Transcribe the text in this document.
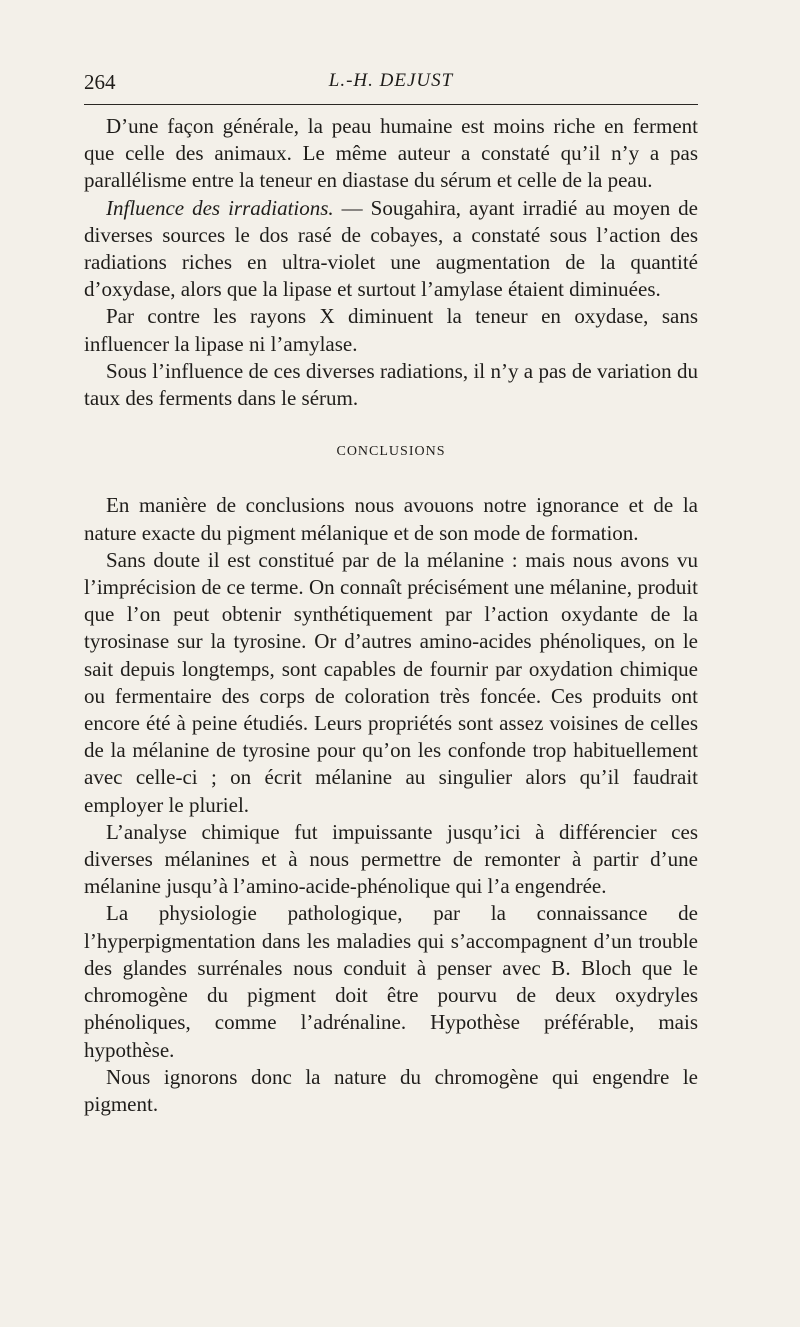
264	L.-H. DEJUST

D’une façon générale, la peau humaine est moins riche en ferment que celle des animaux. Le même auteur a constaté qu’il n’y a pas parallélisme entre la teneur en diastase du sérum et celle de la peau.

Influence des irradiations. — Sougahira, ayant irradié au moyen de diverses sources le dos rasé de cobayes, a constaté sous l’action des radiations riches en ultra-violet une augmentation de la quantité d’oxydase, alors que la lipase et surtout l’amylase étaient diminuées.

Par contre les rayons X diminuent la teneur en oxydase, sans influencer la lipase ni l’amylase.

Sous l’influence de ces diverses radiations, il n’y a pas de variation du taux des ferments dans le sérum.

CONCLUSIONS

En manière de conclusions nous avouons notre ignorance et de la nature exacte du pigment mélanique et de son mode de formation.

Sans doute il est constitué par de la mélanine : mais nous avons vu l’imprécision de ce terme. On connaît précisément une mélanine, produit que l’on peut obtenir synthétiquement par l’action oxydante de la tyrosinase sur la tyrosine. Or d’autres amino-acides phénoliques, on le sait depuis longtemps, sont capables de fournir par oxydation chimique ou fermentaire des corps de coloration très foncée. Ces produits ont encore été à peine étudiés. Leurs propriétés sont assez voisines de celles de la mélanine de tyrosine pour qu’on les confonde trop habituellement avec celle-ci ; on écrit mélanine au singulier alors qu’il faudrait employer le pluriel.

L’analyse chimique fut impuissante jusqu’ici à différencier ces diverses mélanines et à nous permettre de remonter à partir d’une mélanine jusqu’à l’amino-acide-phénolique qui l’a engendrée.

La physiologie pathologique, par la connaissance de l’hyperpigmentation dans les maladies qui s’accompagnent d’un trouble des glandes surrénales nous conduit à penser avec B. Bloch que le chromogène du pigment doit être pourvu de deux oxydryles phénoliques, comme l’adrénaline. Hypothèse préférable, mais hypothèse.

Nous ignorons donc la nature du chromogène qui engendre le pigment.
